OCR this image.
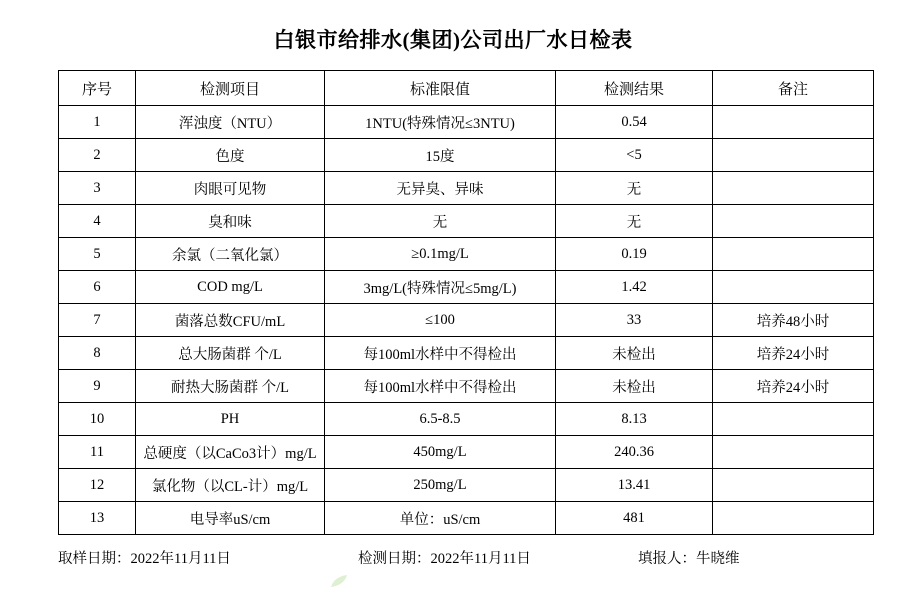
白银市给排水(集团)公司出厂水日检表
序号	检测项目	标准限值	检测结果	备注
1	浑浊度（NTU）	1NTU(特殊情况≤3NTU)	0.54	
2	色度	15度	<5	
3	肉眼可见物	无异臭、异味	无	
4	臭和味	无	无	
5	余氯（二氧化氯）	≥0.1mg/L	0.19	
6	COD mg/L	3mg/L(特殊情况≤5mg/L)	1.42	
7	菌落总数CFU/mL	≤100	33	培养48小时
8	总大肠菌群 个/L	每100ml水样中不得检出	未检出	培养24小时
9	耐热大肠菌群 个/L	每100ml水样中不得检出	未检出	培养24小时
10	PH	6.5-8.5	8.13	
11	总硬度（以CaCo3计）mg/L	450mg/L	240.36	
12	氯化物（以CL-计）mg/L	250mg/L	13.41	
13	电导率uS/cm	单位：uS/cm	481	
取样日期：2022年11月11日	检测日期：2022年11月11日	填报人：牛晓维
